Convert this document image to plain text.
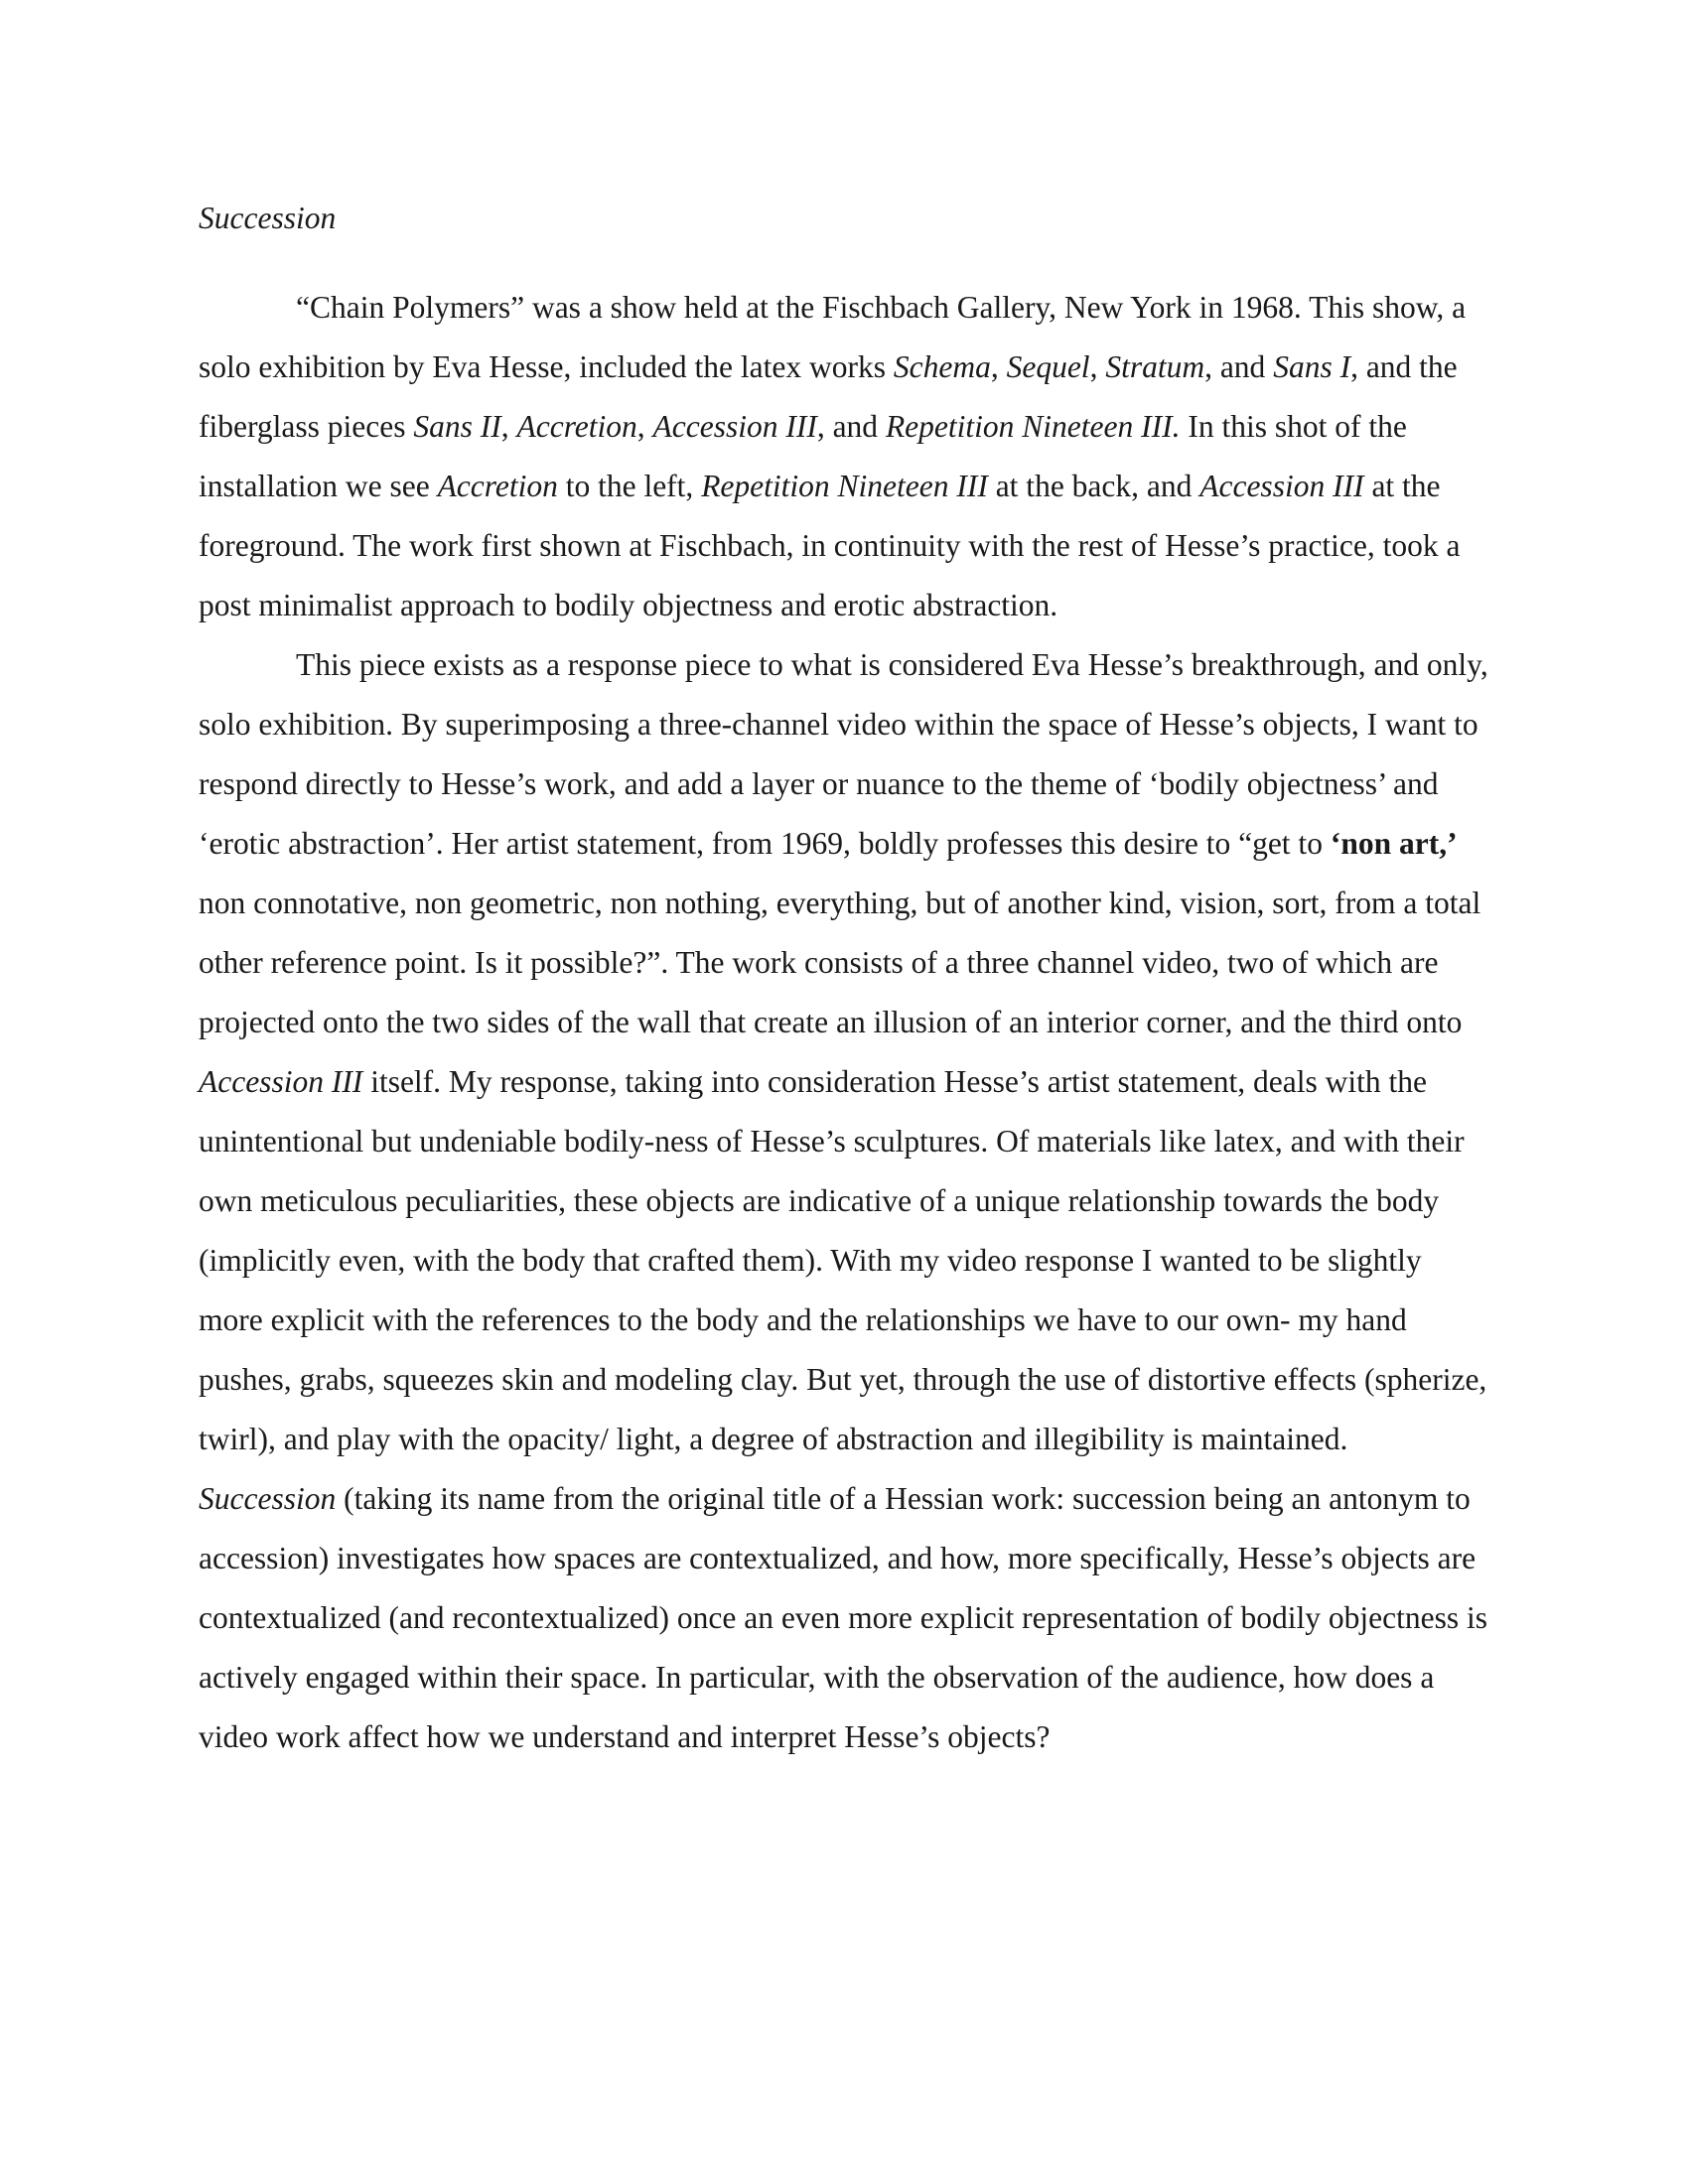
Succession

“Chain Polymers” was a show held at the Fischbach Gallery, New York in 1968. This show, a solo exhibition by Eva Hesse, included the latex works Schema, Sequel, Stratum, and Sans I, and the fiberglass pieces Sans II, Accretion, Accession III, and Repetition Nineteen III. In this shot of the installation we see Accretion to the left, Repetition Nineteen III at the back, and Accession III at the foreground. The work first shown at Fischbach, in continuity with the rest of Hesse’s practice, took a post minimalist approach to bodily objectness and erotic abstraction.

This piece exists as a response piece to what is considered Eva Hesse’s breakthrough, and only, solo exhibition. By superimposing a three-channel video within the space of Hesse’s objects, I want to respond directly to Hesse’s work, and add a layer or nuance to the theme of ‘bodily objectness’ and ‘erotic abstraction’. Her artist statement, from 1969, boldly professes this desire to “get to ‘non art,’ non connotative, non geometric, non nothing, everything, but of another kind, vision, sort, from a total other reference point. Is it possible?”. The work consists of a three channel video, two of which are projected onto the two sides of the wall that create an illusion of an interior corner, and the third onto Accession III itself. My response, taking into consideration Hesse’s artist statement, deals with the unintentional but undeniable bodily-ness of Hesse’s sculptures. Of materials like latex, and with their own meticulous peculiarities, these objects are indicative of a unique relationship towards the body (implicitly even, with the body that crafted them). With my video response I wanted to be slightly more explicit with the references to the body and the relationships we have to our own- my hand pushes, grabs, squeezes skin and modeling clay. But yet, through the use of distortive effects (spherize, twirl), and play with the opacity/ light, a degree of abstraction and illegibility is maintained. Succession (taking its name from the original title of a Hessian work: succession being an antonym to accession) investigates how spaces are contextualized, and how, more specifically, Hesse’s objects are contextualized (and recontextualized) once an even more explicit representation of bodily objectness is actively engaged within their space. In particular, with the observation of the audience, how does a video work affect how we understand and interpret Hesse’s objects?
